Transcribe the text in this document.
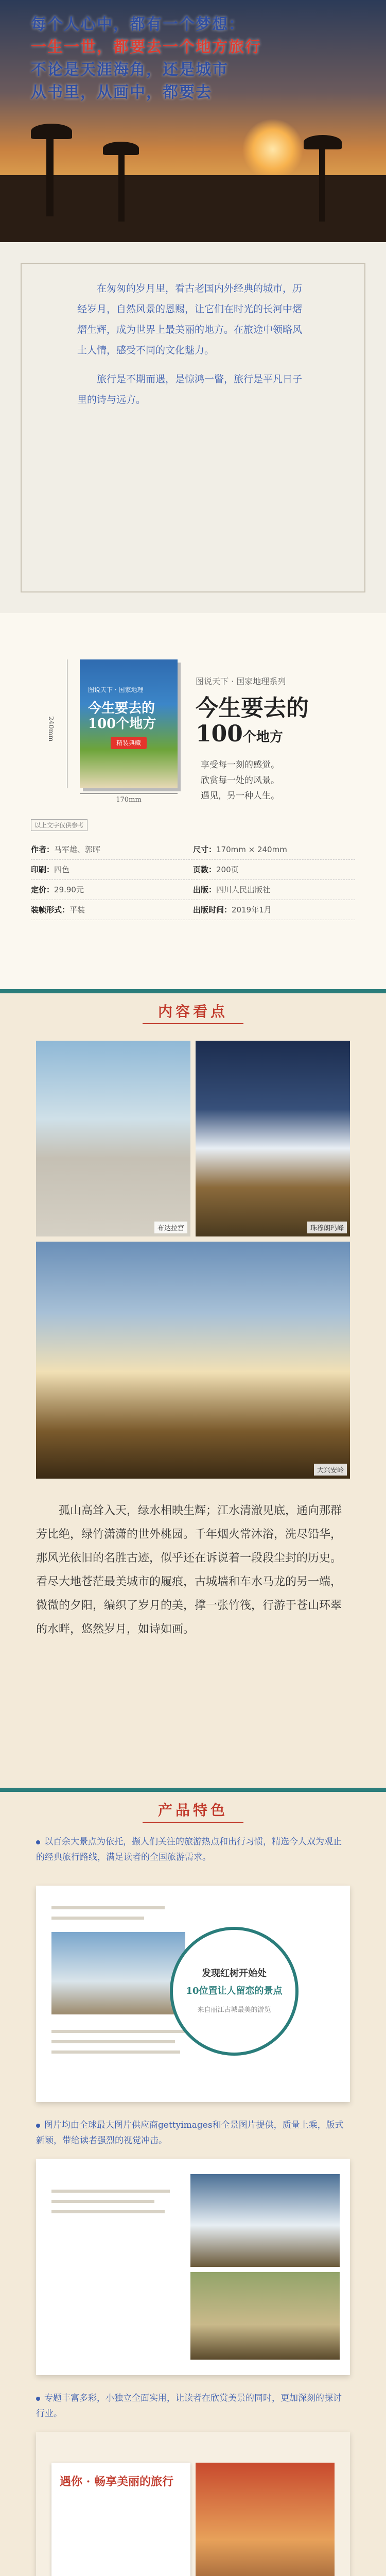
每个人心中，都有一个梦想：
一生一世，都要去一个地方旅行
不论是天涯海角，还是城市
从书里，从画中，都要去

在匆匆的岁月里，看古老国内外经典的城市，历经岁月，自然风景的恩赐，让它们在时光的长河中熠熠生辉，成为世界上最美丽的地方。在旅途中领略风土人情，感受不同的文化魅力。

旅行是不期而遇，是惊鸿一瞥，旅行是平凡日子里的诗与远方。

240mm
图说天下 · 国家地理
今生要去的100个地方
精装典藏
170mm
图说天下 · 国家地理系列
今生要去的
100个地方
享受每一刻的感觉。
欣赏每一处的风景。
遇见，另一种人生。
以上文字仅供参考
作者：马军雄、郭晖	尺寸：170mm × 240mm
印刷：四色	页数：200页
定价：29.90元	出版：四川人民出版社
装帧形式：平装	出版时间：2019年1月
内容看点
布达拉宫	珠穆朗玛峰
大兴安岭

孤山高耸入天，绿水相映生辉；江水清澈见底，通向那群芳比绝，绿竹潇潇的世外桃园。千年烟火常沐浴，洗尽铅华，那风光依旧的名胜古迹，似乎还在诉说着一段段尘封的历史。看尽大地苍茫最美城市的履痕，古城墙和车水马龙的另一端，微微的夕阳，编织了岁月的美，撑一张竹筏，行游于苍山环翠的水畔，悠然岁月，如诗如画。

产品特色
以百余大景点为依托，撷人们关注的旅游热点和出行习惯，精选今人双为观止的经典旅行路线，满足读者的全国旅游需求。
发现红树开始处
10位置让人留恋的景点
来自丽江古城最美的游览
图片均由全球最大图片供应商gettyimages和全景图片提供，质量上乘，版式新颖，带给读者强烈的视觉冲击。
专题丰富多彩，小独立全面实用，让读者在欣赏美景的同时，更加深刻的探讨行业。
遇你 · 畅享美丽的旅行
